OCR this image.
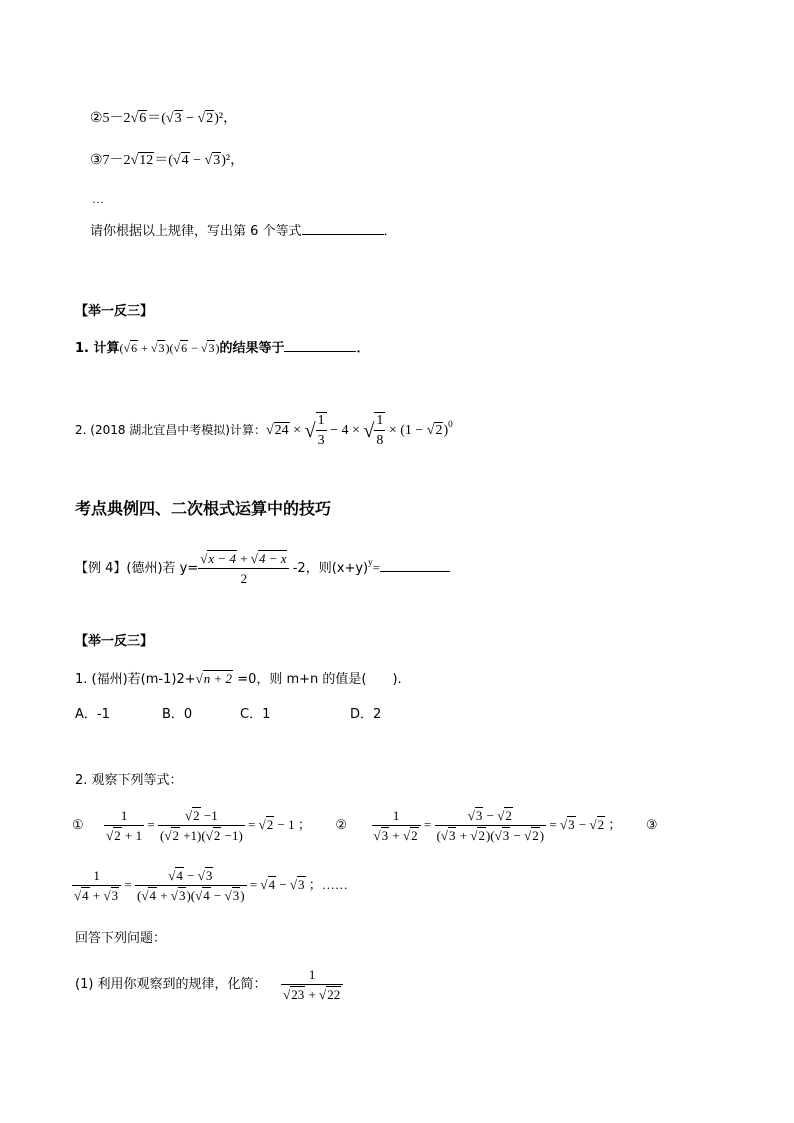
②5－2√6＝(√3 − √2)²，
③7－2√12＝(√4 − √3)²，
…
请你根据以上规律，写出第 6 个等式	．
【举一反三】
1. 计算(√6 + √3)(√6 − √3)的结果等于	．
2. (2018 湖北宜昌中考模拟)计算：√24 × √ $\frac{1}{3} - 4$ × √ $\frac{1}{8} \times (1 - √2)^0$
考点典例四、二次根式运算中的技巧
【例 4】(德州)若 $y= \frac{√x - 4 + √4 - x}{2} -2$，则$(x+y)^y=$
【举一反三】
1. (福州)若(m-1)2+√n + 2 =0，则 m+n 的值是(　　).
A．-1	B．0	C．1	D．2
2. 观察下列等式：
① $\frac{1}{√2 + 1} = \frac{√2 -1}{(√2 +1)(√2 -1)} = √2 - 1$ ； ② $\frac{1}{√3 + √2} = \frac{√3 - √2}{(√3 + √2)(√3 - √2)} = √3 - √2$ ； ③
$\frac{1}{√4 + √3} = \frac{√4 - √3}{(√4 + √3)(√4 - √3)} = √4 - √3$ ；……
回答下列问题：
(1) 利用你观察到的规律，化简： $\frac{1}{√23 + √22}$
